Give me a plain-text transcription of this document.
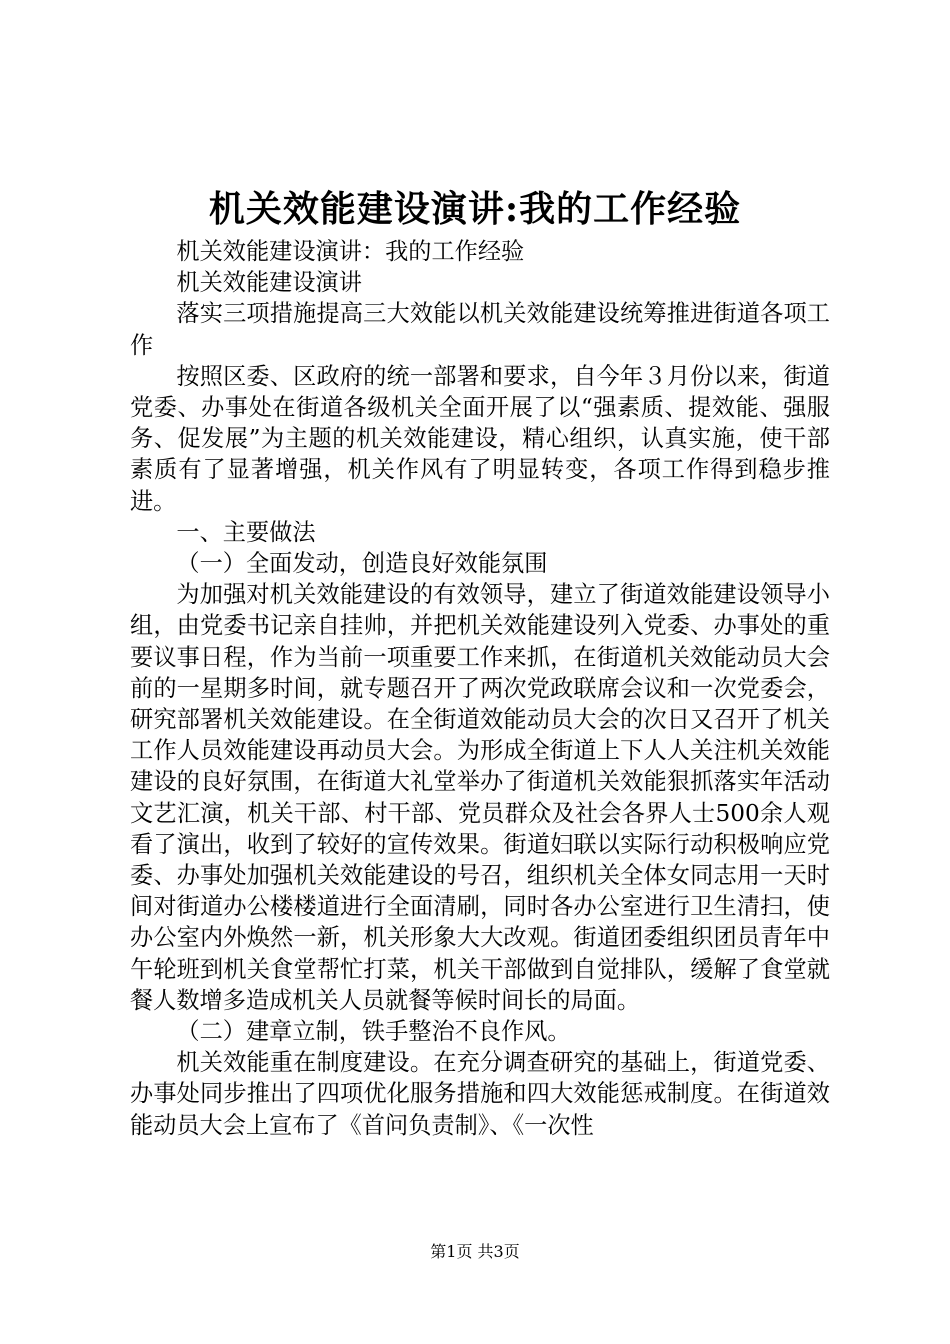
机关效能建设演讲:我的工作经验

机关效能建设演讲：我的工作经验

机关效能建设演讲

落实三项措施提高三大效能以机关效能建设统筹推进街道各项工作

按照区委、区政府的统一部署和要求，自今年３月份以来，街道党委、办事处在街道各级机关全面开展了以“强素质、提效能、强服务、促发展”为主题的机关效能建设，精心组织，认真实施，使干部素质有了显著增强，机关作风有了明显转变，各项工作得到稳步推进。

一、主要做法

（一）全面发动，创造良好效能氛围

为加强对机关效能建设的有效领导，建立了街道效能建设领导小组，由党委书记亲自挂帅，并把机关效能建设列入党委、办事处的重要议事日程，作为当前一项重要工作来抓，在街道机关效能动员大会前的一星期多时间，就专题召开了两次党政联席会议和一次党委会，研究部署机关效能建设。在全街道效能动员大会的次日又召开了机关工作人员效能建设再动员大会。为形成全街道上下人人关注机关效能建设的良好氛围，在街道大礼堂举办了街道机关效能狠抓落实年活动文艺汇演，机关干部、村干部、党员群众及社会各界人士500余人观看了演出，收到了较好的宣传效果。街道妇联以实际行动积极响应党委、办事处加强机关效能建设的号召，组织机关全体女同志用一天时间对街道办公楼楼道进行全面清刷，同时各办公室进行卫生清扫，使办公室内外焕然一新，机关形象大大改观。街道团委组织团员青年中午轮班到机关食堂帮忙打菜，机关干部做到自觉排队，缓解了食堂就餐人数增多造成机关人员就餐等候时间长的局面。

（二）建章立制，铁手整治不良作风。

机关效能重在制度建设。在充分调查研究的基础上，街道党委、办事处同步推出了四项优化服务措施和四大效能惩戒制度。在街道效能动员大会上宣布了《首问负责制》、《一次性

第1页 共3页
